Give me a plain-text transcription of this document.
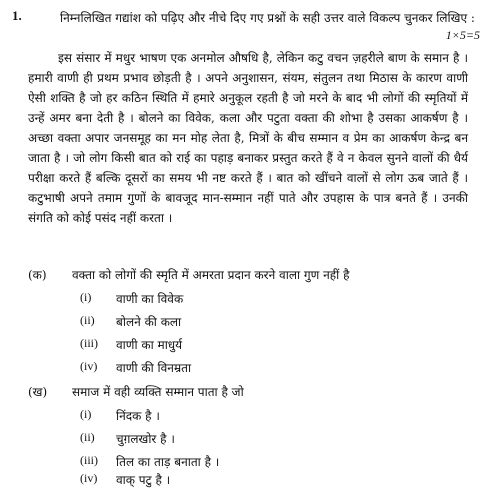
1.	निम्नलिखित गद्यांश को पढ़िए और नीचे दिए गए प्रश्नों के सही उत्तर वाले विकल्प चुनकर लिखिए :
1×5=5
इस संसार में मधुर भाषण एक अनमोल औषधि है, लेकिन कटु वचन ज़हरीले बाण के समान है । हमारी वाणी ही प्रथम प्रभाव छोड़ती है । अपने अनुशासन, संयम, संतुलन तथा मिठास के कारण वाणी ऐसी शक्ति है जो हर कठिन स्थिति में हमारे अनुकूल रहती है जो मरने के बाद भी लोगों की स्मृतियों में उन्हें अमर बना देती है । बोलने का विवेक, कला और पटुता वक्ता की शोभा है उसका आकर्षण है । अच्छा वक्ता अपार जनसमूह का मन मोह लेता है, मित्रों के बीच सम्मान व प्रेम का आकर्षण केन्द्र बन जाता है । जो लोग किसी बात को राई का पहाड़ बनाकर प्रस्तुत करते हैं वे न केवल सुनने वालों की धैर्य परीक्षा करते हैं बल्कि दूसरों का समय भी नष्ट करते हैं । बात को खींचने वालों से लोग ऊब जाते हैं । कटुभाषी अपने तमाम गुणों के बावजूद मान-सम्मान नहीं पाते और उपहास के पात्र बनते हैं । उनकी संगति को कोई पसंद नहीं करता ।
(क) वक्ता को लोगों की स्मृति में अमरता प्रदान करने वाला गुण नहीं है
(i) वाणी का विवेक
(ii) बोलने की कला
(iii) वाणी का माधुर्य
(iv) वाणी की विनम्रता
(ख) समाज में वही व्यक्ति सम्मान पाता है जो
(i) निंदक है ।
(ii) चुग़लखोर है ।
(iii) तिल का ताड़ बनाता है ।
(iv) वाक् पटु है ।
